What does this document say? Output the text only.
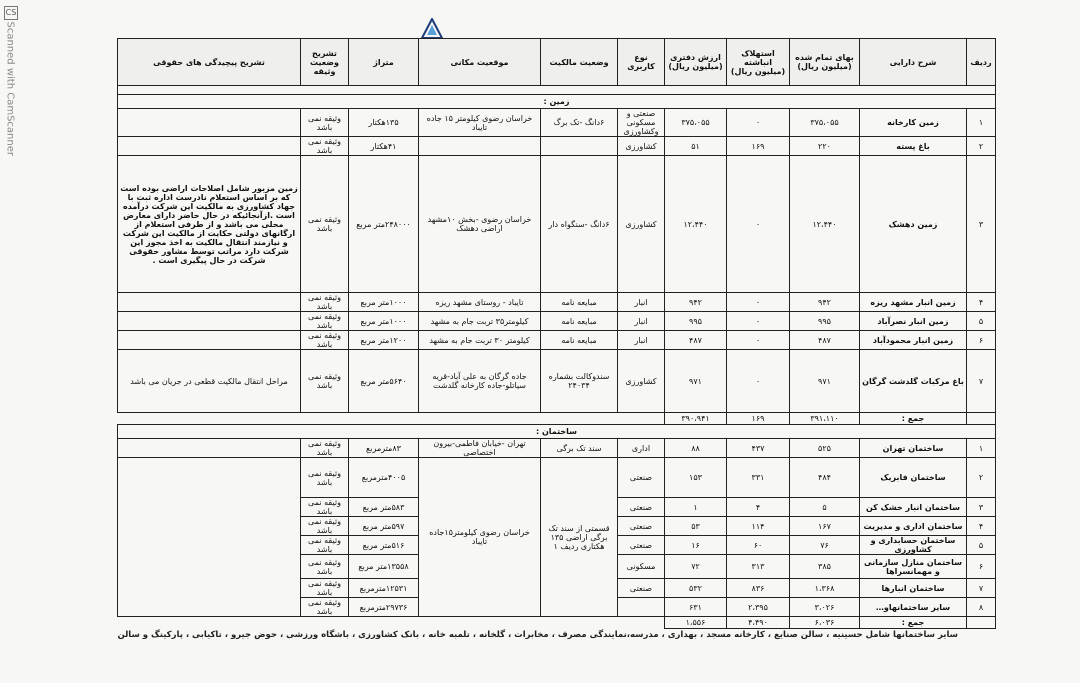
CS
Scanned with CamScanner	ردیف	شرح دارایی	بهای تمام شده (میلیون ریال)	استهلاک انباشته (میلیون ریال)	ارزش دفتری (میلیون ریال)	نوع کاربری	وضعیت مالکیت	موقعیت مکانی	متراژ	تشریح وضعیت وثیقه	تشریح پیچیدگی های حقوقی

زمین :										
۱	زمین کارخانه	۳۷۵،۰۵۵	۰	۳۷۵،۰۵۵	صنعتی و مسکونی وکشاورزی	۶دانگ -تک برگ	خراسان رضوی کیلومتر ۱۵ جاده تایباد	۱۳۵هکتار	وثیقه نمی باشد	
۲	باغ پسته	۲۲۰	۱۶۹	۵۱	کشاورزی			۴۱هکتار	وثیقه نمی باشد	
۳	زمین دهشک	۱۲،۴۴۰	۰	۱۲،۴۴۰	کشاورزی	۶دانگ -سنگواه دار	خراسان رضوی -بخش ۱۰مشهد اراضی دهشک	۲۴۸۰۰۰متر مربع	وثیقه نمی باشد	زمین مزبور شامل اصلاحات اراضی بوده است که بر اساس استعلام نادرست اداره ثبت با جهاد کشاورزی به مالکیت این شرکت درآمده است .ازآنجائیکه در حال حاضر دارای معارض محلی می باشد و از طرفی استعلام از ارگانهای دولتی حکایت از مالکیت این شرکت و نیازمند انتقال مالکیت به اخذ مجوز این شرکت دارد مراتب توسط مشاور حقوقی شرکت در حال پیگیری است .
۴	زمین انبار مشهد ریزه	۹۴۲	۰	۹۴۲	انبار	مبایعه نامه	تایباد - روستای مشهد ریزه	۱۰۰۰متر مربع	وثیقه نمی باشد	
۵	زمین انبار نصرآباد	۹۹۵	۰	۹۹۵	انبار	مبایعه نامه	کیلومتر۳۵ تربت جام به مشهد	۱۰۰۰متر مربع	وثیقه نمی باشد	
۶	زمین انبار محمودآباد	۴۸۷	۰	۴۸۷	انبار	مبایعه نامه	کیلومتر ۳۰ تربت جام به مشهد	۱۲۰۰متر مربع	وثیقه نمی باشد	
۷	باغ مرکبات گلدشت گرگان	۹۷۱	۰	۹۷۱	کشاورزی	سندوکالت بشماره ۲۴۰۳۴	جاده گرگان به علی آباد-قریه سیاتلو-جاده کارخانه گلدشت	۵۶۴۰متر مربع	وثیقه نمی باشد	مراحل انتقال مالکیت قطعی در جریان می باشد
	جمع :	۳۹۱،۱۱۰	۱۶۹	۳۹۰،۹۴۱						
ساختمان :										
۱	ساختمان تهران	۵۲۵	۴۳۷	۸۸	اداری	سند تک برگی	تهران -خیابان فاطمی-بیرون اختصاصی	۸۳مترمربع	وثیقه نمی باشد	
۲	ساختمان فابریک	۴۸۴	۳۳۱	۱۵۳	صنعتی	قسمتی از سند تک برگی اراضی ۱۳۵ هکتاری ردیف ۱	خراسان رضوی کیلومتر۱۵جاده تایباد	۴۰۰۵مترمربع	وثیقه نمی باشد	
۳	ساختمان انبار خشک کن	۵	۴	۱	صنعتی			۵۸۳متر مربع	وثیقه نمی باشد	
۴	ساختمان اداری و مدیریت	۱۶۷	۱۱۴	۵۳	صنعتی			۵۹۷متر مربع	وثیقه نمی باشد	
۵	ساختمان حسابداری و کشاورزی	۷۶	۶۰	۱۶	صنعتی			۵۱۶متر مربع	وثیقه نمی باشد	
۶	ساختمان منازل سازمانی و مهمانسراها	۳۸۵	۳۱۳	۷۲	مسکونی			۱۳۵۵۸متر مربع	وثیقه نمی باشد	
۷	ساختمان انبارها	۱،۳۶۸	۸۳۶	۵۳۲	صنعتی			۱۲۵۳۱مترمربع	وثیقه نمی باشد	
۸	سایر ساختمانهاو…	۳،۰۲۶	۲،۳۹۵	۶۳۱				۲۹۷۳۶مترمربع	وثیقه نمی باشد	
	جمع :	۶،۰۳۶	۴،۴۹۰	۱،۵۵۶						
سایر ساختمانها شامل حسینیه ، سالن صنایع ، کارخانه مسجد ، بهداری ، مدرسه،نمایندگی مصرف ، مخابرات ، گلخانه ، تلمبه خانه ، بانک کشاورزی ، باشگاه ورزشی ، حوض جیرو ، تاکیابی ، پارکینگ و سالن
